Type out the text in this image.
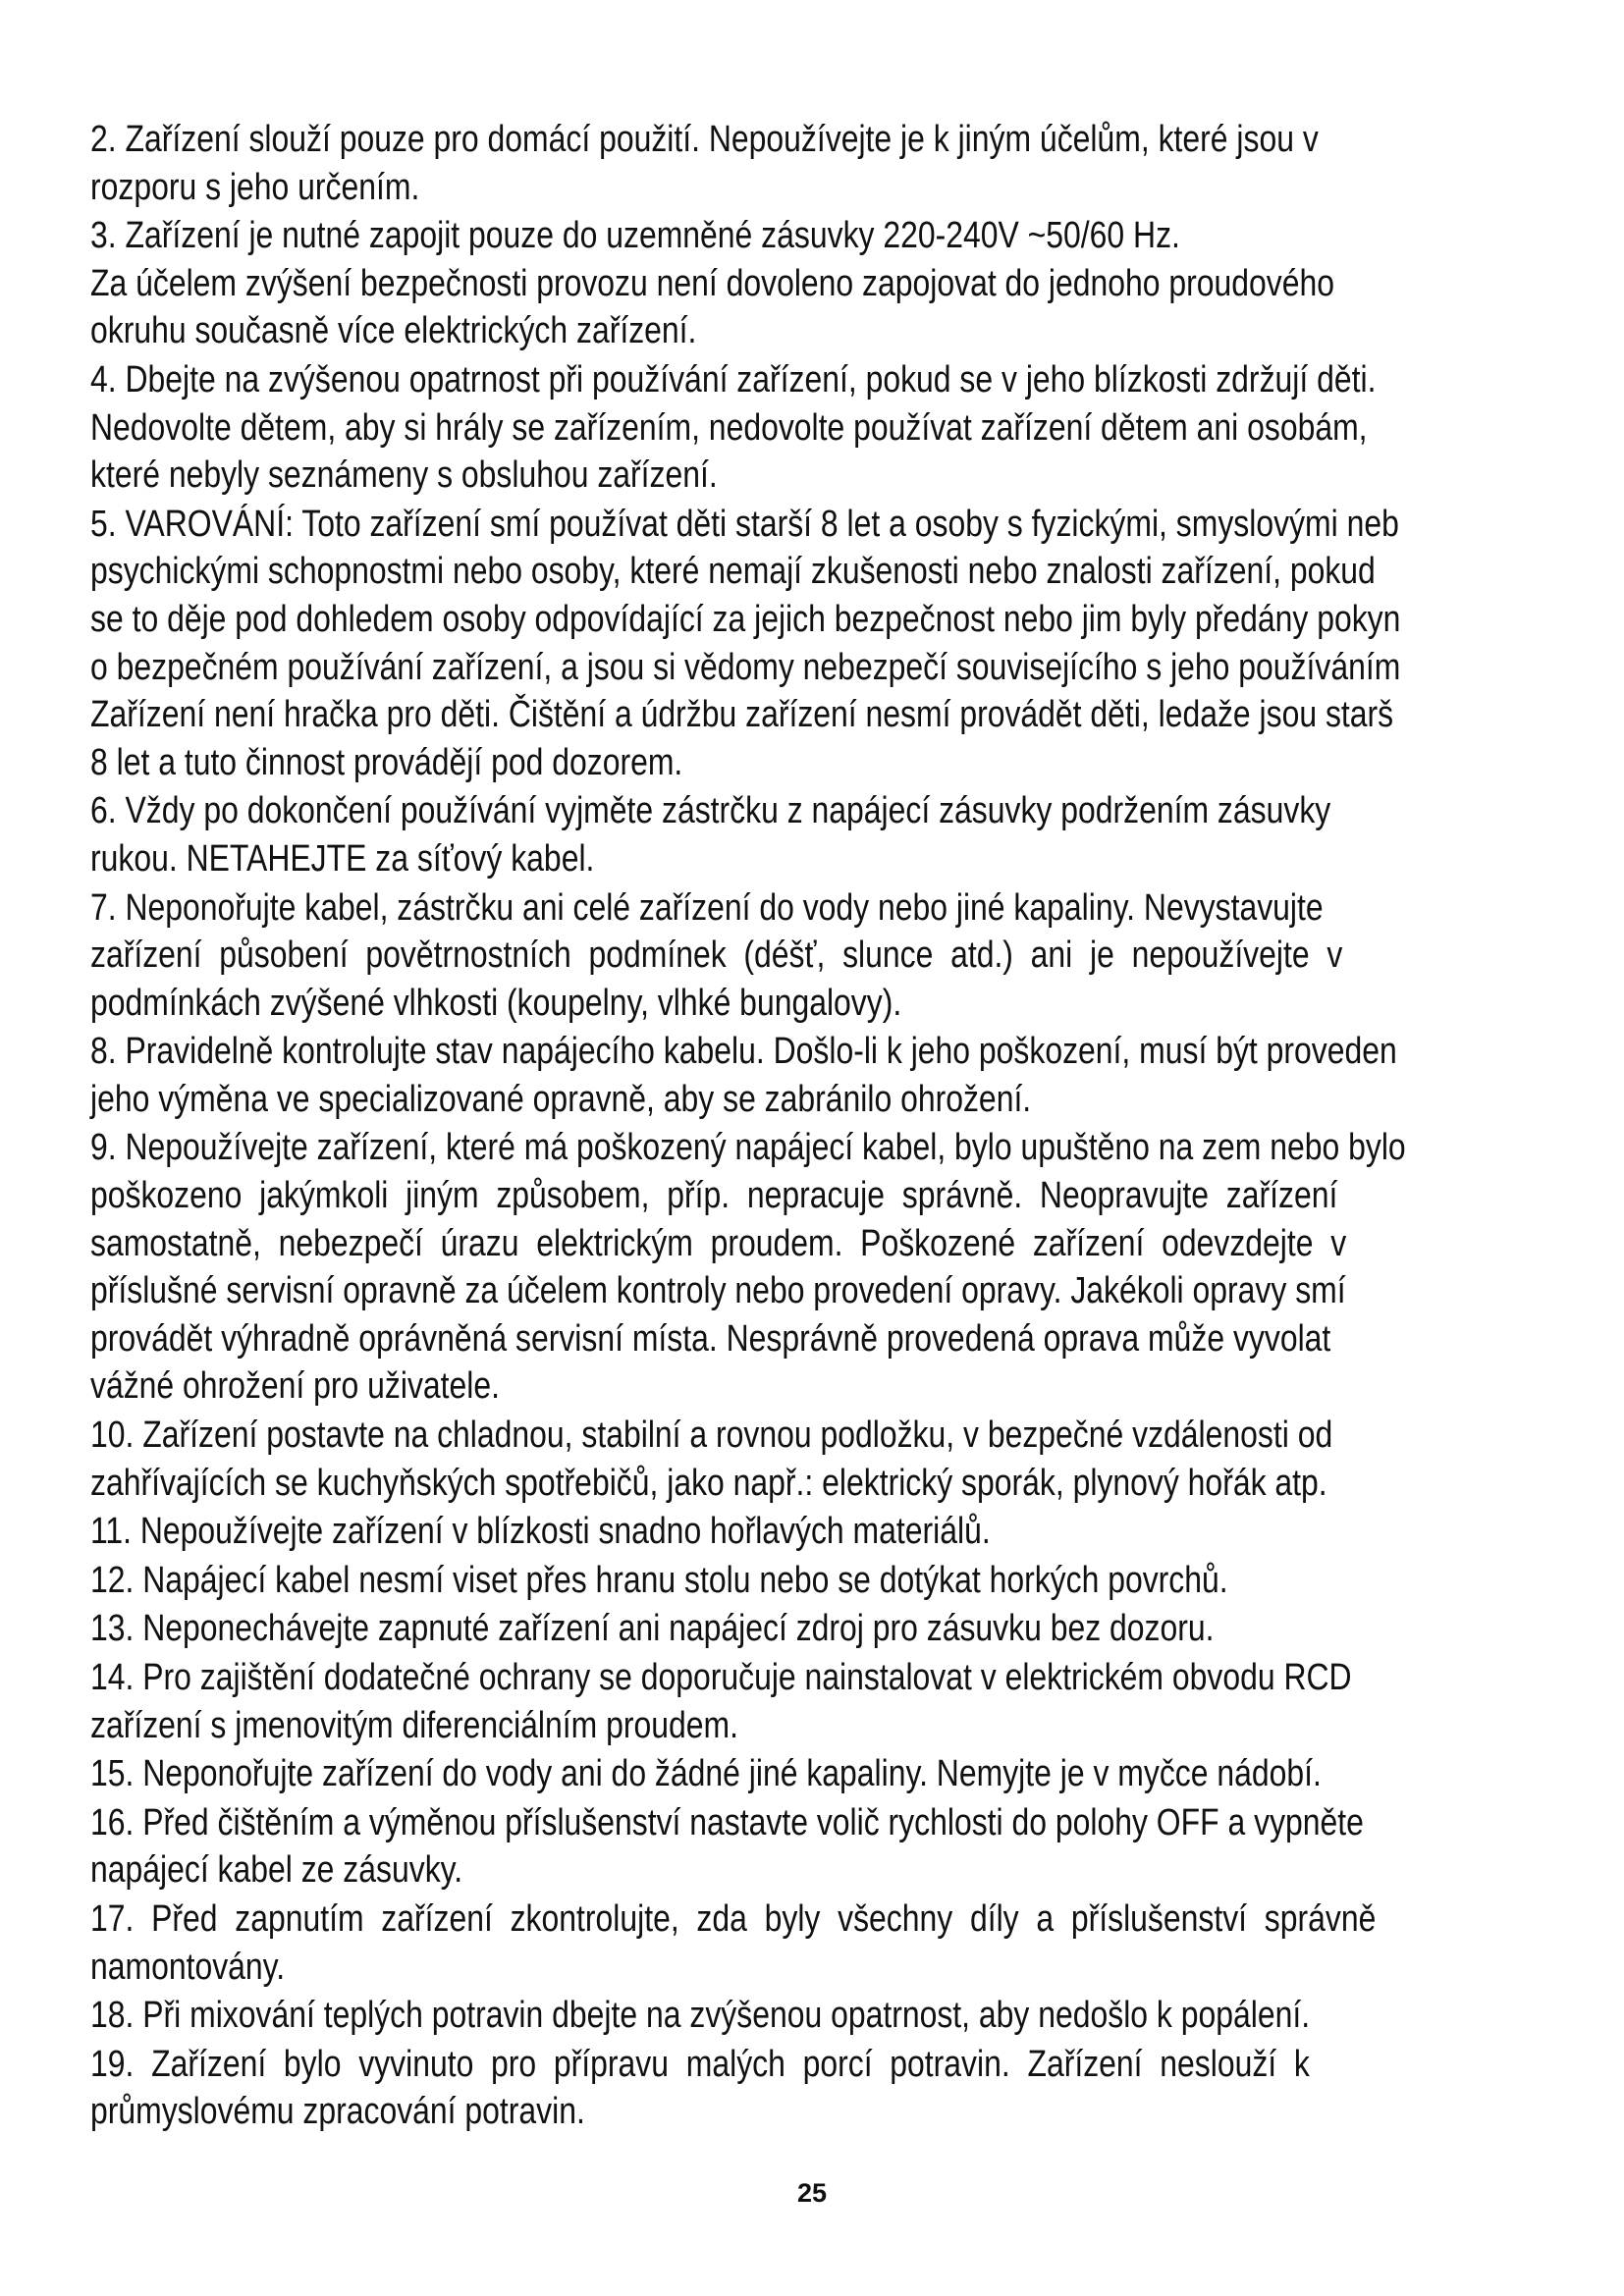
2. Zařízení slouží pouze pro domácí použití. Nepoužívejte je k jiným účelům, které jsou v
rozporu s jeho určením.
3. Zařízení je nutné zapojit pouze do uzemněné zásuvky 220-240V ~50/60 Hz.
Za účelem zvýšení bezpečnosti provozu není dovoleno zapojovat do jednoho proudového
okruhu současně více elektrických zařízení.
4. Dbejte na zvýšenou opatrnost při používání zařízení, pokud se v jeho blízkosti zdržují děti.
Nedovolte dětem, aby si hrály se zařízením, nedovolte používat zařízení dětem ani osobám,
které nebyly seznámeny s obsluhou zařízení.
5. VAROVÁNÍ: Toto zařízení smí používat děti starší 8 let a osoby s fyzickými, smyslovými neb
psychickými schopnostmi nebo osoby, které nemají zkušenosti nebo znalosti zařízení, pokud
se to děje pod dohledem osoby odpovídající za jejich bezpečnost nebo jim byly předány pokyn
o bezpečném používání zařízení, a jsou si vědomy nebezpečí souvisejícího s jeho používáním
Zařízení není hračka pro děti. Čištění a údržbu zařízení nesmí provádět děti, ledaže jsou starš
8 let a tuto činnost provádějí pod dozorem.
6. Vždy po dokončení používání vyjměte zástrčku z napájecí zásuvky podržením zásuvky
rukou. NETAHEJTE za síťový kabel.
7. Neponořujte kabel, zástrčku ani celé zařízení do vody nebo jiné kapaliny. Nevystavujte
zařízení  působení  povětrnostních  podmínek  (déšť,  slunce  atd.)  ani  je  nepoužívejte  v
podmínkách zvýšené vlhkosti (koupelny, vlhké bungalovy).
8. Pravidelně kontrolujte stav napájecího kabelu. Došlo-li k jeho poškození, musí být proveden
jeho výměna ve specializované opravně, aby se zabránilo ohrožení.
9. Nepoužívejte zařízení, které má poškozený napájecí kabel, bylo upuštěno na zem nebo bylo
poškozeno  jakýmkoli  jiným  způsobem,  příp.  nepracuje  správně.  Neopravujte  zařízení
samostatně,  nebezpečí  úrazu  elektrickým  proudem.  Poškozené  zařízení  odevzdejte  v
příslušné servisní opravně za účelem kontroly nebo provedení opravy. Jakékoli opravy smí
provádět výhradně oprávněná servisní místa. Nesprávně provedená oprava může vyvolat
vážné ohrožení pro uživatele.
10. Zařízení postavte na chladnou, stabilní a rovnou podložku, v bezpečné vzdálenosti od
zahřívajících se kuchyňských spotřebičů, jako např.: elektrický sporák, plynový hořák atp.
11. Nepoužívejte zařízení v blízkosti snadno hořlavých materiálů.
12. Napájecí kabel nesmí viset přes hranu stolu nebo se dotýkat horkých povrchů.
13. Neponechávejte zapnuté zařízení ani napájecí zdroj pro zásuvku bez dozoru.
14. Pro zajištění dodatečné ochrany se doporučuje nainstalovat v elektrickém obvodu RCD
zařízení s jmenovitým diferenciálním proudem.
15. Neponořujte zařízení do vody ani do žádné jiné kapaliny. Nemyjte je v myčce nádobí.
16. Před čištěním a výměnou příslušenství nastavte volič rychlosti do polohy OFF a vypněte
napájecí kabel ze zásuvky.
17.  Před  zapnutím  zařízení  zkontrolujte,  zda  byly  všechny  díly  a  příslušenství  správně
namontovány.
18. Při mixování teplých potravin dbejte na zvýšenou opatrnost, aby nedošlo k popálení.
19.  Zařízení  bylo  vyvinuto  pro  přípravu  malých  porcí  potravin.  Zařízení  neslouží  k
průmyslovému zpracování potravin.
25
